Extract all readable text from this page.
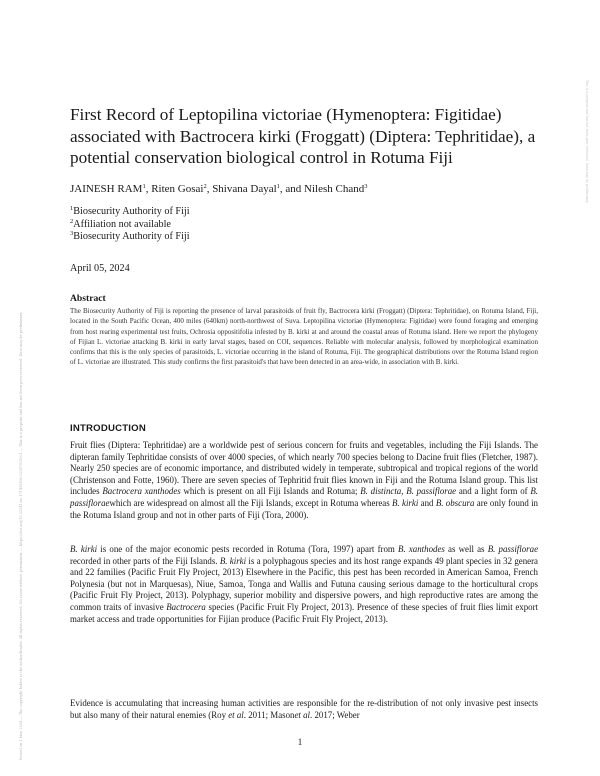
Posted on 1 May 2024 — The copyright holder is the author/funder. All rights reserved. No reuse without permission. — https://doi.org/10.22541/au.171458890.02357831/v1 — This is a preprint and has not been peer reviewed. Data may be preliminary.
This is a preprint and has not been peer reviewed. Data may be preliminary.
First Record of Leptopilina victoriae (Hymenoptera: Figitidae) associated with Bactrocera kirki (Froggatt) (Diptera: Tephritidae), a potential conservation biological control in Rotuma Fiji
JAINESH RAM$^1$, Riten Gosai$^2$, Shivana Dayal$^1$, and Nilesh Chand$^3$
$^1$Biosecurity Authority of Fiji
$^2$Affiliation not available
$^3$Biosecurity Authority of Fiji
April 05, 2024
Abstract

The Biosecurity Authority of Fiji is reporting the presence of larval parasitoids of fruit fly, Bactrocera kirki (Froggatt) (Diptera: Tephritidae), on Rotuma Island, Fiji, located in the South Pacific Ocean, 400 miles (640km) north-northwest of Suva. Leptopilina victoriae (Hymenoptera: Figitidae) were found foraging and emerging from host rearing experimental test fruits, Ochrosia oppositifolia infested by B. kirki at and around the coastal areas of Rotuma island. Here we report the phylogeny of Fijian L. victoriae attacking B. kirki in early larval stages, based on COI, sequences. Reliable with molecular analysis, followed by morphological examination confirms that this is the only species of parasitoids, L. victoriae occurring in the island of Rotuma, Fiji. The geographical distributions over the Rotuma Island region of L. victoriae are illustrated. This study confirms the first parasitoid's that have been detected in an area-wide, in association with B. kirki.

INTRODUCTION

Fruit flies (Diptera: Tephritidae) are a worldwide pest of serious concern for fruits and vegetables, including the Fiji Islands. The dipteran family Tephritidae consists of over 4000 species, of which nearly 700 species belong to Dacine fruit flies (Fletcher, 1987). Nearly 250 species are of economic importance, and distributed widely in temperate, subtropical and tropical regions of the world (Christenson and Fotte, 1960). There are seven species of Tephritid fruit flies known in Fiji and the Rotuma Island group. This list includes Bactrocera xanthodes which is present on all Fiji Islands and Rotuma; B. distincta, B. passiflorae and a light form of B. passifloraewhich are widespread on almost all the Fiji Islands, except in Rotuma whereas B. kirki and B. obscura are only found in the Rotuma Island group and not in other parts of Fiji (Tora, 2000).

B. kirki is one of the major economic pests recorded in Rotuma (Tora, 1997) apart from B. xanthodes as well as B. passiflorae recorded in other parts of the Fiji Islands. B. kirki is a polyphagous species and its host range expands 49 plant species in 32 genera and 22 families (Pacific Fruit Fly Project, 2013) Elsewhere in the Pacific, this pest has been recorded in American Samoa, French Polynesia (but not in Marquesas), Niue, Samoa, Tonga and Wallis and Futuna causing serious damage to the horticultural crops (Pacific Fruit Fly Project, 2013). Polyphagy, superior mobility and dispersive powers, and high reproductive rates are among the common traits of invasive Bactrocera species (Pacific Fruit Fly Project, 2013). Presence of these species of fruit flies limit export market access and trade opportunities for Fijian produce (Pacific Fruit Fly Project, 2013).

Evidence is accumulating that increasing human activities are responsible for the re-distribution of not only invasive pest insects but also many of their natural enemies (Roy et al. 2011; Masonet al. 2017; Weber

1
